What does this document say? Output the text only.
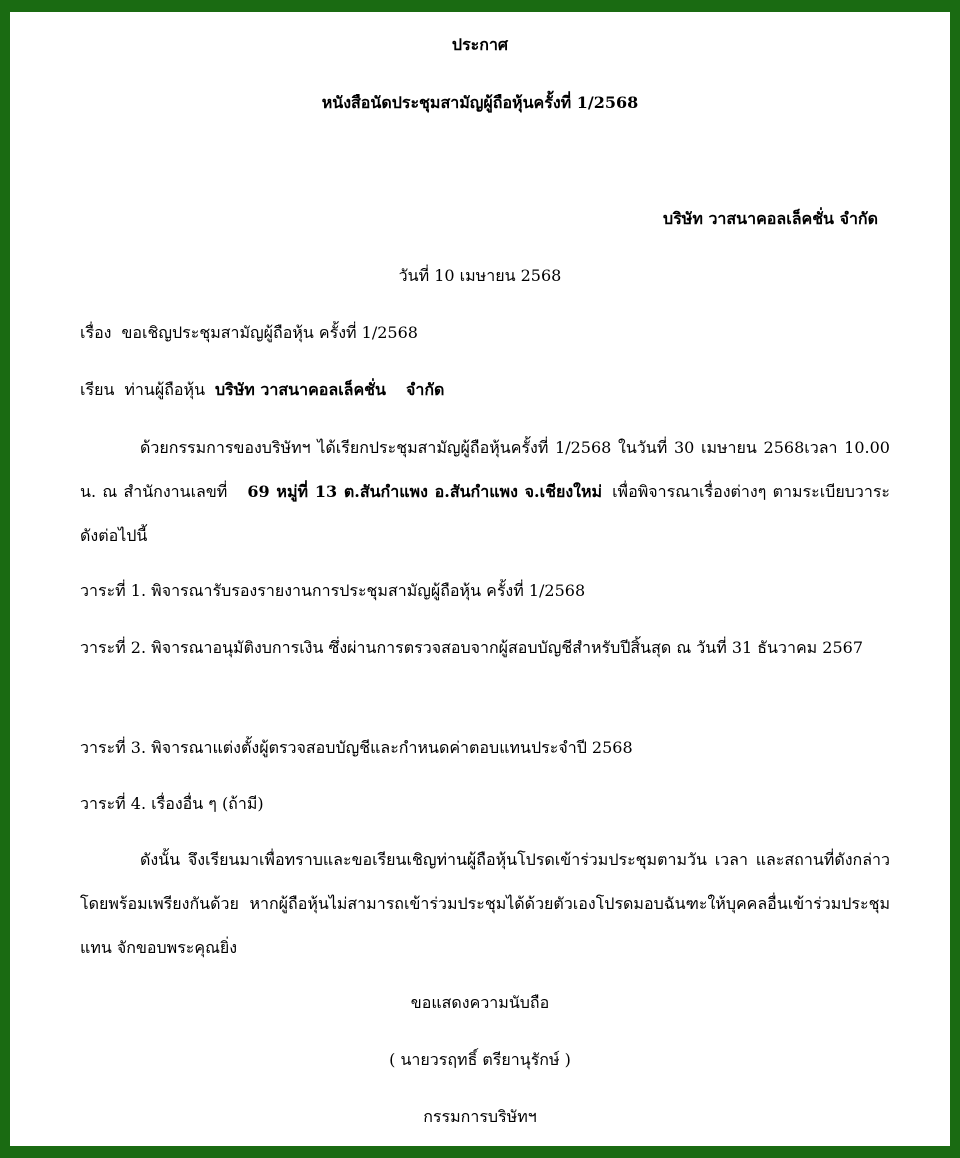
ประกาศ
หนังสือนัดประชุมสามัญผู้ถือหุ้นครั้งที่ 1/2568
บริษัท วาสนาคอลเล็คชั่น จำกัด
วันที่ 10 เมษายน 2568
เรื่อง ขอเชิญประชุมสามัญผู้ถือหุ้น ครั้งที่ 1/2568
เรียน ท่านผู้ถือหุ้น บริษัท วาสนาคอลเล็คชั่น จำกัด
ด้วยกรรมการของบริษัทฯ ได้เรียกประชุมสามัญผู้ถือหุ้นครั้งที่ 1/2568 ในวันที่ 30 เมษายน 2568เวลา 10.00 น. ณ สำนักงานเลขที่ 69 หมู่ที่ 13 ต.สันกำแพง อ.สันกำแพง จ.เชียงใหม่ เพื่อพิจารณาเรื่องต่างๆ ตามระเบียบวาระดังต่อไปนี้
วาระที่ 1. พิจารณารับรองรายงานการประชุมสามัญผู้ถือหุ้น ครั้งที่ 1/2568
วาระที่ 2. พิจารณาอนุมัติงบการเงิน ซึ่งผ่านการตรวจสอบจากผู้สอบบัญชีสำหรับปีสิ้นสุด ณ วันที่ 31 ธันวาคม 2567
วาระที่ 3. พิจารณาแต่งตั้งผู้ตรวจสอบบัญชีและกำหนดค่าตอบแทนประจำปี 2568
วาระที่ 4. เรื่องอื่น ๆ (ถ้ามี)
ดังนั้น จึงเรียนมาเพื่อทราบและขอเรียนเชิญท่านผู้ถือหุ้นโปรดเข้าร่วมประชุมตามวัน เวลา และสถานที่ดังกล่าวโดยพร้อมเพรียงกันด้วย หากผู้ถือหุ้นไม่สามารถเข้าร่วมประชุมได้ด้วยตัวเองโปรดมอบฉันฑะให้บุคคลอื่นเข้าร่วมประชุมแทน จักขอบพระคุณยิ่ง
ขอแสดงความนับถือ
( นายวรฤทธิ์ ตรียานุรักษ์ )
กรรมการบริษัทฯ
